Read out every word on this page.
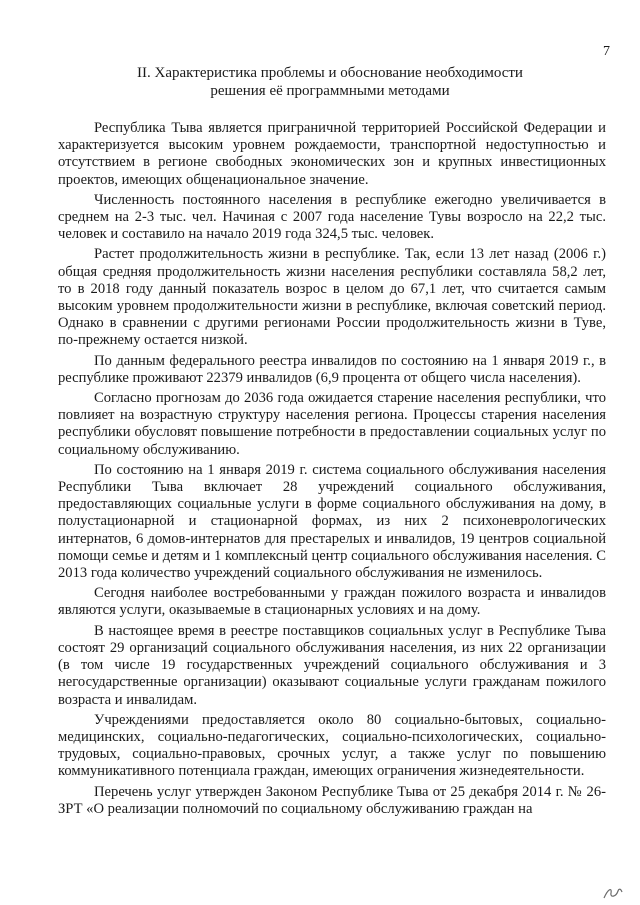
7
II. Характеристика проблемы и обоснование необходимости
решения её программными методами

Республика Тыва является приграничной территорией Российской Федерации и характеризуется высоким уровнем рождаемости, транспортной недоступностью и отсутствием в регионе свободных экономических зон и крупных инвестиционных проектов, имеющих общенациональное значение.

Численность постоянного населения в республике ежегодно увеличивается в среднем на 2-3 тыс. чел. Начиная с 2007 года население Тувы возросло на 22,2 тыс. человек и составило на начало 2019 года 324,5 тыс. человек.

Растет продолжительность жизни в республике. Так, если 13 лет назад (2006 г.) общая средняя продолжительность жизни населения республики составляла 58,2 лет, то в 2018 году данный показатель возрос в целом до 67,1 лет, что считается самым высоким уровнем продолжительности жизни в республике, включая советский период. Однако в сравнении с другими регионами России продолжительность жизни в Туве, по-прежнему остается низкой.

По данным федерального реестра инвалидов по состоянию на 1 января 2019 г., в республике проживают 22379 инвалидов (6,9 процента от общего числа населения).

Согласно прогнозам до 2036 года ожидается старение населения республики, что повлияет на возрастную структуру населения региона. Процессы старения населения республики обусловят повышение потребности в предоставлении социальных услуг по социальному обслуживанию.

По состоянию на 1 января 2019 г. система социального обслуживания населения Республики Тыва включает 28 учреждений социального обслуживания, предоставляющих социальные услуги в форме социального обслуживания на дому, в полустационарной и стационарной формах, из них 2 психоневрологических интернатов, 6 домов-интернатов для престарелых и инвалидов, 19 центров социальной помощи семье и детям и 1 комплексный центр социального обслуживания населения. С 2013 года количество учреждений социального обслуживания не изменилось.

Сегодня наиболее востребованными у граждан пожилого возраста и инвалидов являются услуги, оказываемые в стационарных условиях и на дому.

В настоящее время в реестре поставщиков социальных услуг в Республике Тыва состоят 29 организаций социального обслуживания населения, из них 22 организации (в том числе 19 государственных учреждений социального обслуживания и 3 негосударственные организации) оказывают социальные услуги гражданам пожилого возраста и инвалидам.

Учреждениями предоставляется около 80 социально-бытовых, социально-медицинских, социально-педагогических, социально-психологических, социально-трудовых, социально-правовых, срочных услуг, а также услуг по повышению коммуникативного потенциала граждан, имеющих ограничения жизнедеятельности.

Перечень услуг утвержден Законом Республике Тыва от 25 декабря 2014 г. № 26-ЗРТ «О реализации полномочий по социальному обслуживанию граждан на
